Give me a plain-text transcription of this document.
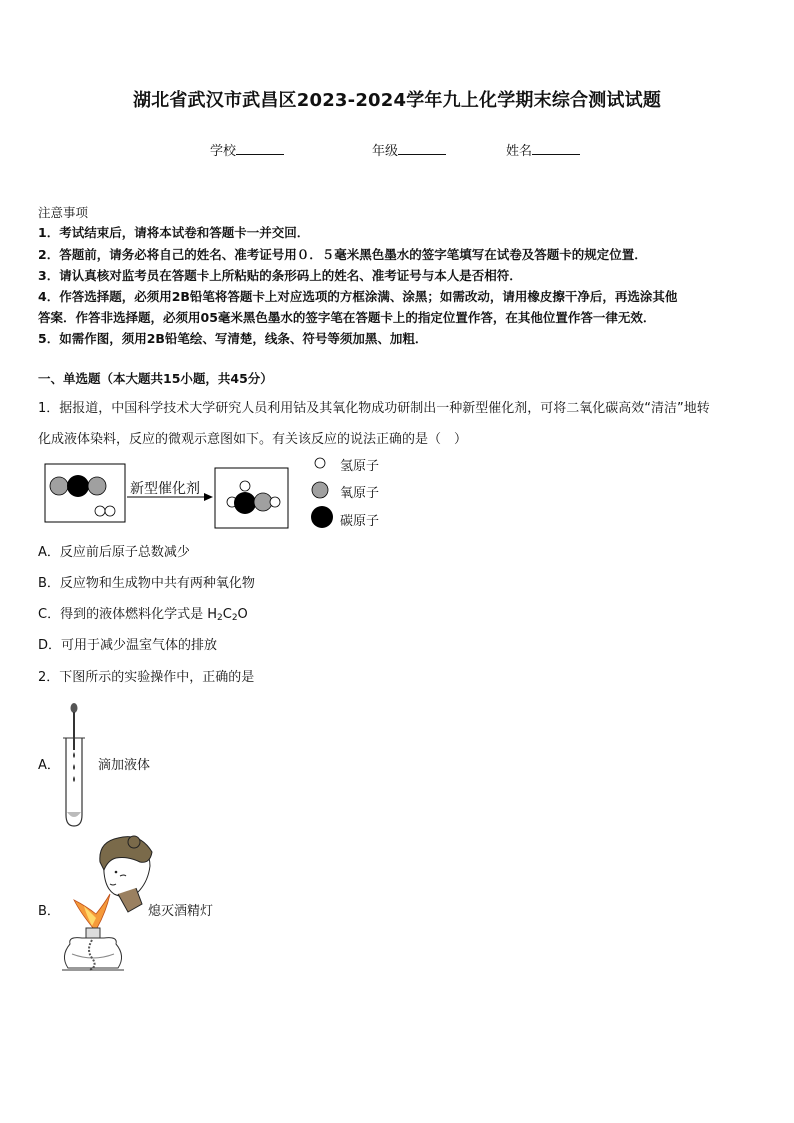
湖北省武汉市武昌区2023-2024学年九上化学期末综合测试试题
学校	年级	姓名
注意事项
1．考试结束后，请将本试卷和答题卡一并交回．
2．答题前，请务必将自己的姓名、准考证号用０．５毫米黑色墨水的签字笔填写在试卷及答题卡的规定位置．
3．请认真核对监考员在答题卡上所粘贴的条形码上的姓名、准考证号与本人是否相符．
4．作答选择题，必须用2B铅笔将答题卡上对应选项的方框涂满、涂黑；如需改动，请用橡皮擦干净后，再选涂其他
答案．作答非选择题，必须用05毫米黑色墨水的签字笔在答题卡上的指定位置作答，在其他位置作答一律无效．
5．如需作图，须用2B铅笔绘、写清楚，线条、符号等须加黑、加粗．
一、单选题（本大题共15小题，共45分）
1．据报道，中国科学技术大学研究人员利用钴及其氧化物成功研制出一种新型催化剂，可将二氧化碳高效“清洁”地转
化成液体染料，反应的微观示意图如下。有关该反应的说法正确的是（　）
新型催化剂
氢原子
氧原子
碳原子
A．反应前后原子总数减少
B．反应物和生成物中共有两种氧化物
C．得到的液体燃料化学式是 $H_2C_2O$
D．可用于减少温室气体的排放
2．下图所示的实验操作中，正确的是
A．	滴加液体
B．	熄灭酒精灯
